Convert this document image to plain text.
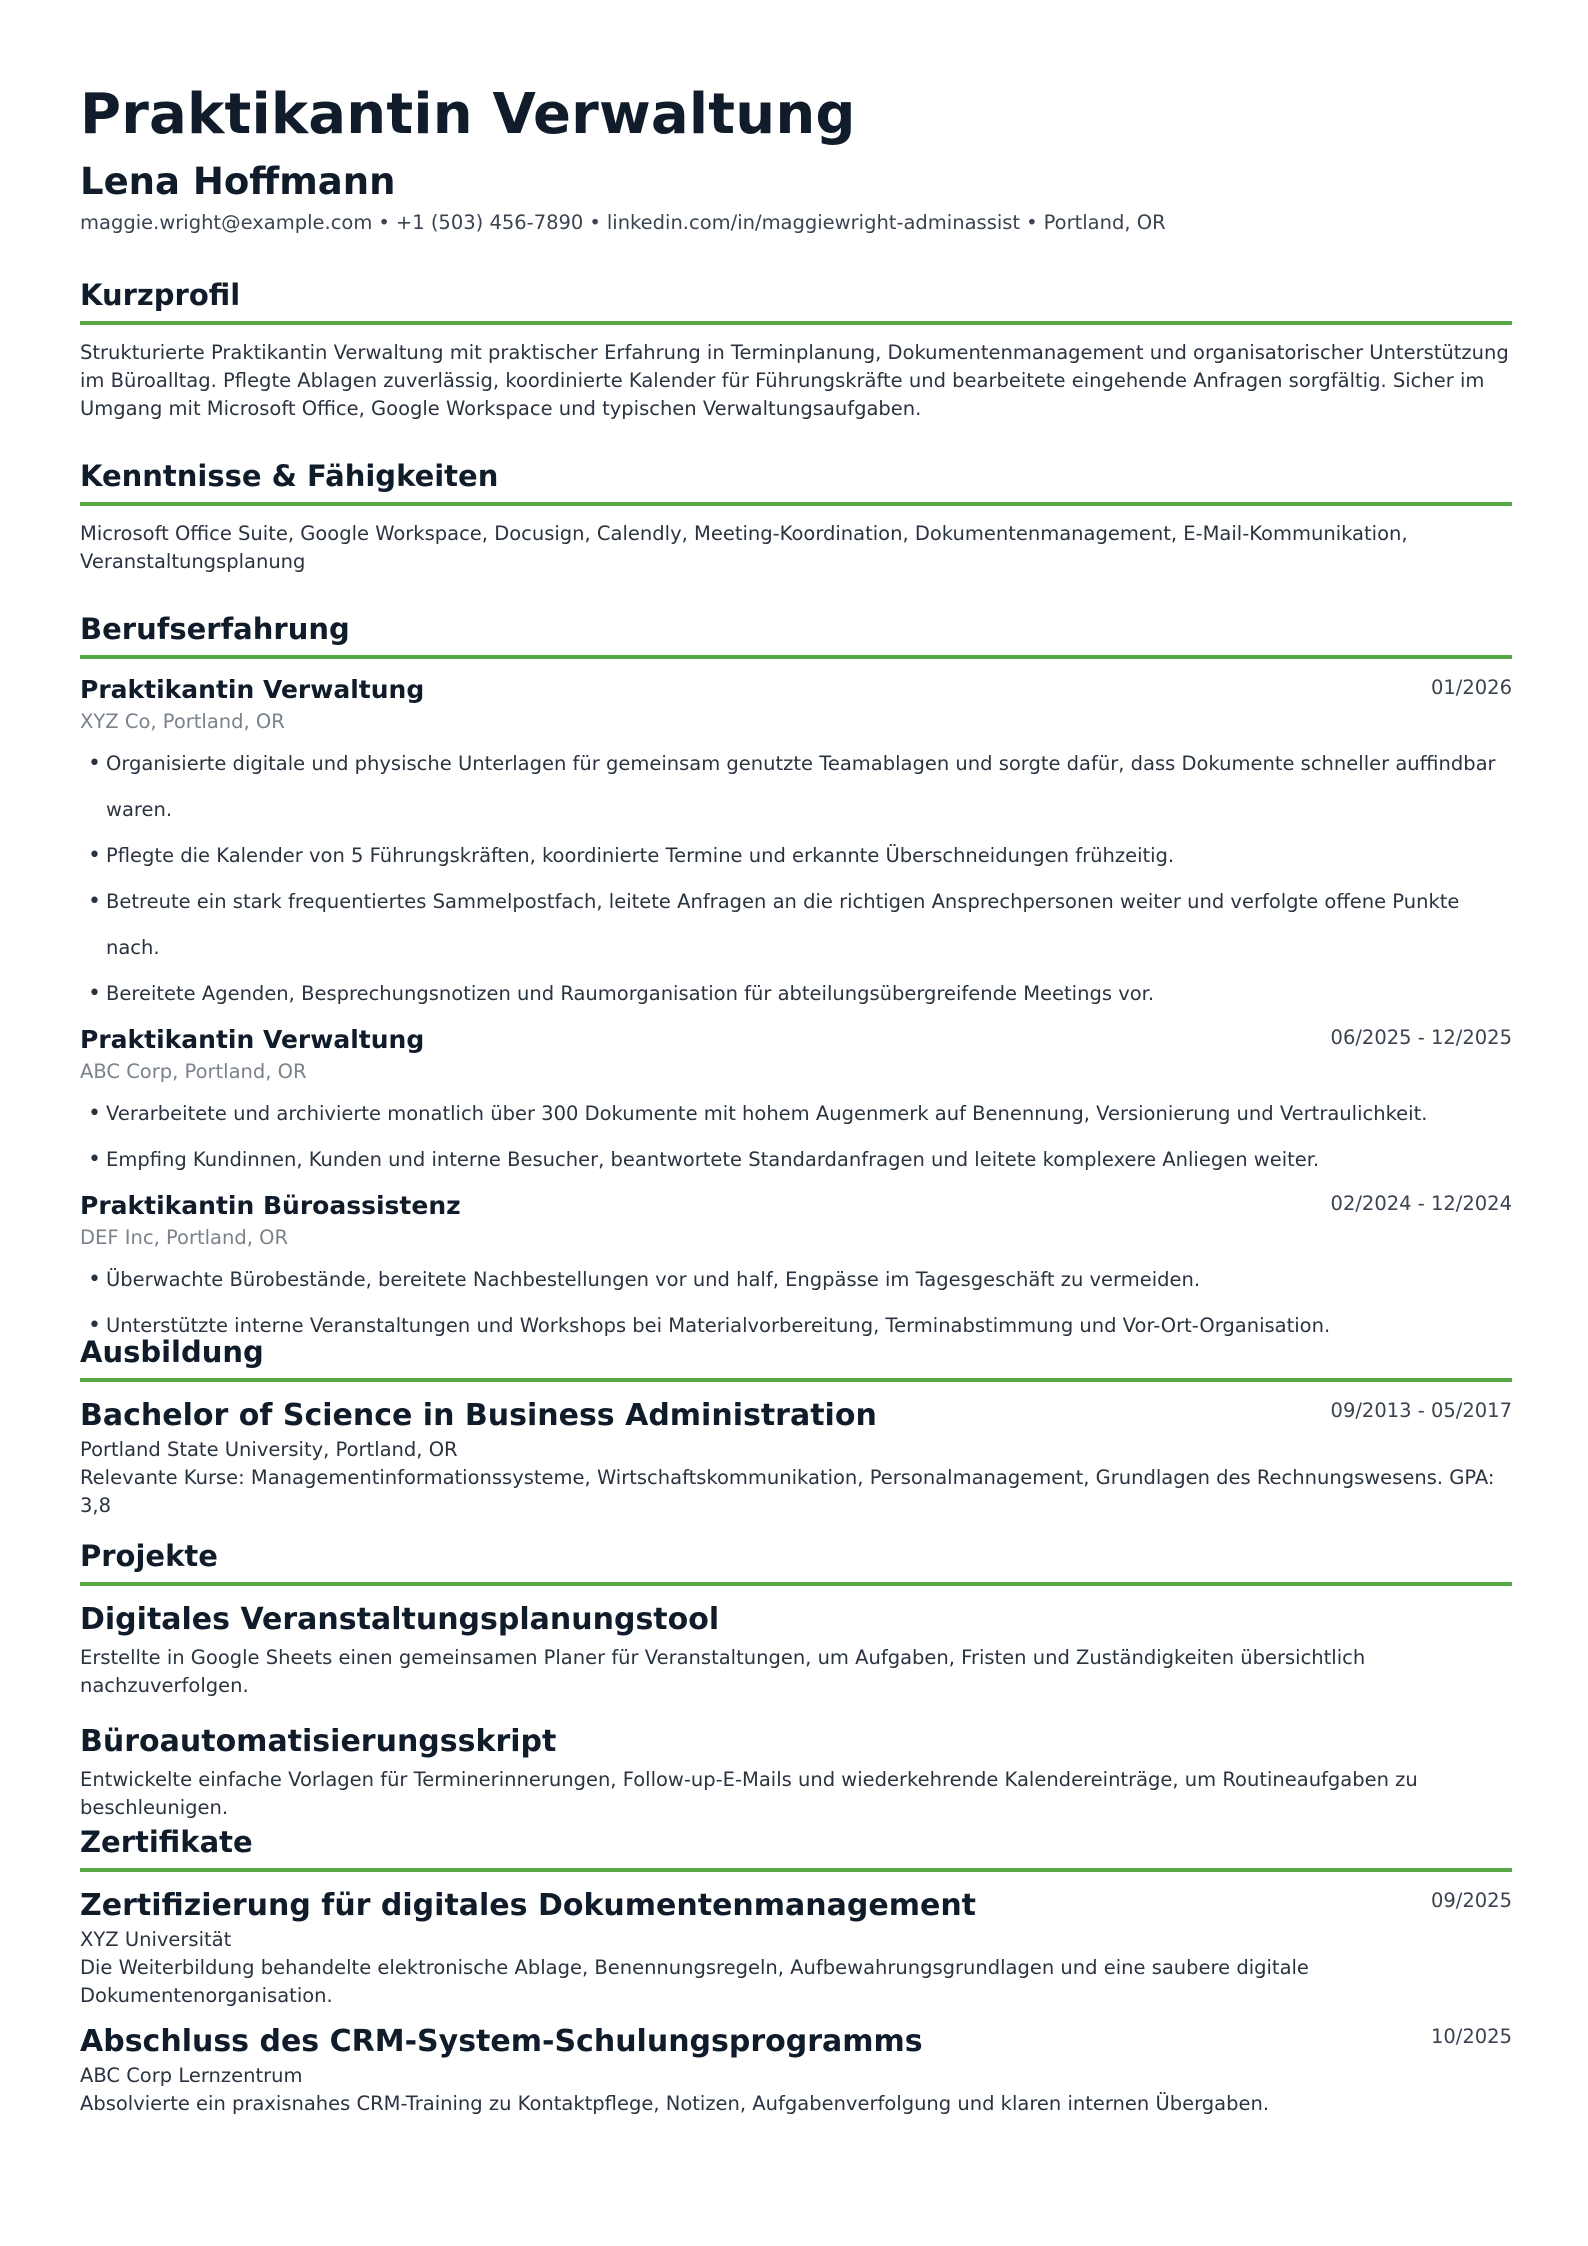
Praktikantin Verwaltung
Lena Hoffmann
maggie.wright@example.com • +1 (503) 456-7890 • linkedin.com/in/maggiewright-adminassist • Portland, OR
Kurzprofil
Strukturierte Praktikantin Verwaltung mit praktischer Erfahrung in Terminplanung, Dokumentenmanagement und organisatorischer Unterstützung im Büroalltag. Pflegte Ablagen zuverlässig, koordinierte Kalender für Führungskräfte und bearbeitete eingehende Anfragen sorgfältig. Sicher im Umgang mit Microsoft Office, Google Workspace und typischen Verwaltungsaufgaben.
Kenntnisse & Fähigkeiten
Microsoft Office Suite, Google Workspace, Docusign, Calendly, Meeting-Koordination, Dokumentenmanagement, E-Mail-Kommunikation, Veranstaltungsplanung
Berufserfahrung
Praktikantin Verwaltung	01/2026
XYZ Co, Portland, OR
• Organisierte digitale und physische Unterlagen für gemeinsam genutzte Teamablagen und sorgte dafür, dass Dokumente schneller auffindbar waren.
• Pflegte die Kalender von 5 Führungskräften, koordinierte Termine und erkannte Überschneidungen frühzeitig.
• Betreute ein stark frequentiertes Sammelpostfach, leitete Anfragen an die richtigen Ansprechpersonen weiter und verfolgte offene Punkte nach.
• Bereitete Agenden, Besprechungsnotizen und Raumorganisation für abteilungsübergreifende Meetings vor.
Praktikantin Verwaltung	06/2025 - 12/2025
ABC Corp, Portland, OR
• Verarbeitete und archivierte monatlich über 300 Dokumente mit hohem Augenmerk auf Benennung, Versionierung und Vertraulichkeit.
• Empfing Kundinnen, Kunden und interne Besucher, beantwortete Standardanfragen und leitete komplexere Anliegen weiter.
Praktikantin Büroassistenz	02/2024 - 12/2024
DEF Inc, Portland, OR
• Überwachte Bürobestände, bereitete Nachbestellungen vor und half, Engpässe im Tagesgeschäft zu vermeiden.
• Unterstützte interne Veranstaltungen und Workshops bei Materialvorbereitung, Terminabstimmung und Vor-Ort-Organisation.
Ausbildung
Bachelor of Science in Business Administration	09/2013 - 05/2017
Portland State University, Portland, OR
Relevante Kurse: Managementinformationssysteme, Wirtschaftskommunikation, Personalmanagement, Grundlagen des Rechnungswesens. GPA: 3,8
Projekte
Digitales Veranstaltungsplanungstool
Erstellte in Google Sheets einen gemeinsamen Planer für Veranstaltungen, um Aufgaben, Fristen und Zuständigkeiten übersichtlich nachzuverfolgen.
Büroautomatisierungsskript
Entwickelte einfache Vorlagen für Terminerinnerungen, Follow-up-E-Mails und wiederkehrende Kalendereinträge, um Routineaufgaben zu beschleunigen.
Zertifikate
Zertifizierung für digitales Dokumentenmanagement	09/2025
XYZ Universität
Die Weiterbildung behandelte elektronische Ablage, Benennungsregeln, Aufbewahrungsgrundlagen und eine saubere digitale Dokumentenorganisation.
Abschluss des CRM-System-Schulungsprogramms	10/2025
ABC Corp Lernzentrum
Absolvierte ein praxisnahes CRM-Training zu Kontaktpflege, Notizen, Aufgabenverfolgung und klaren internen Übergaben.
